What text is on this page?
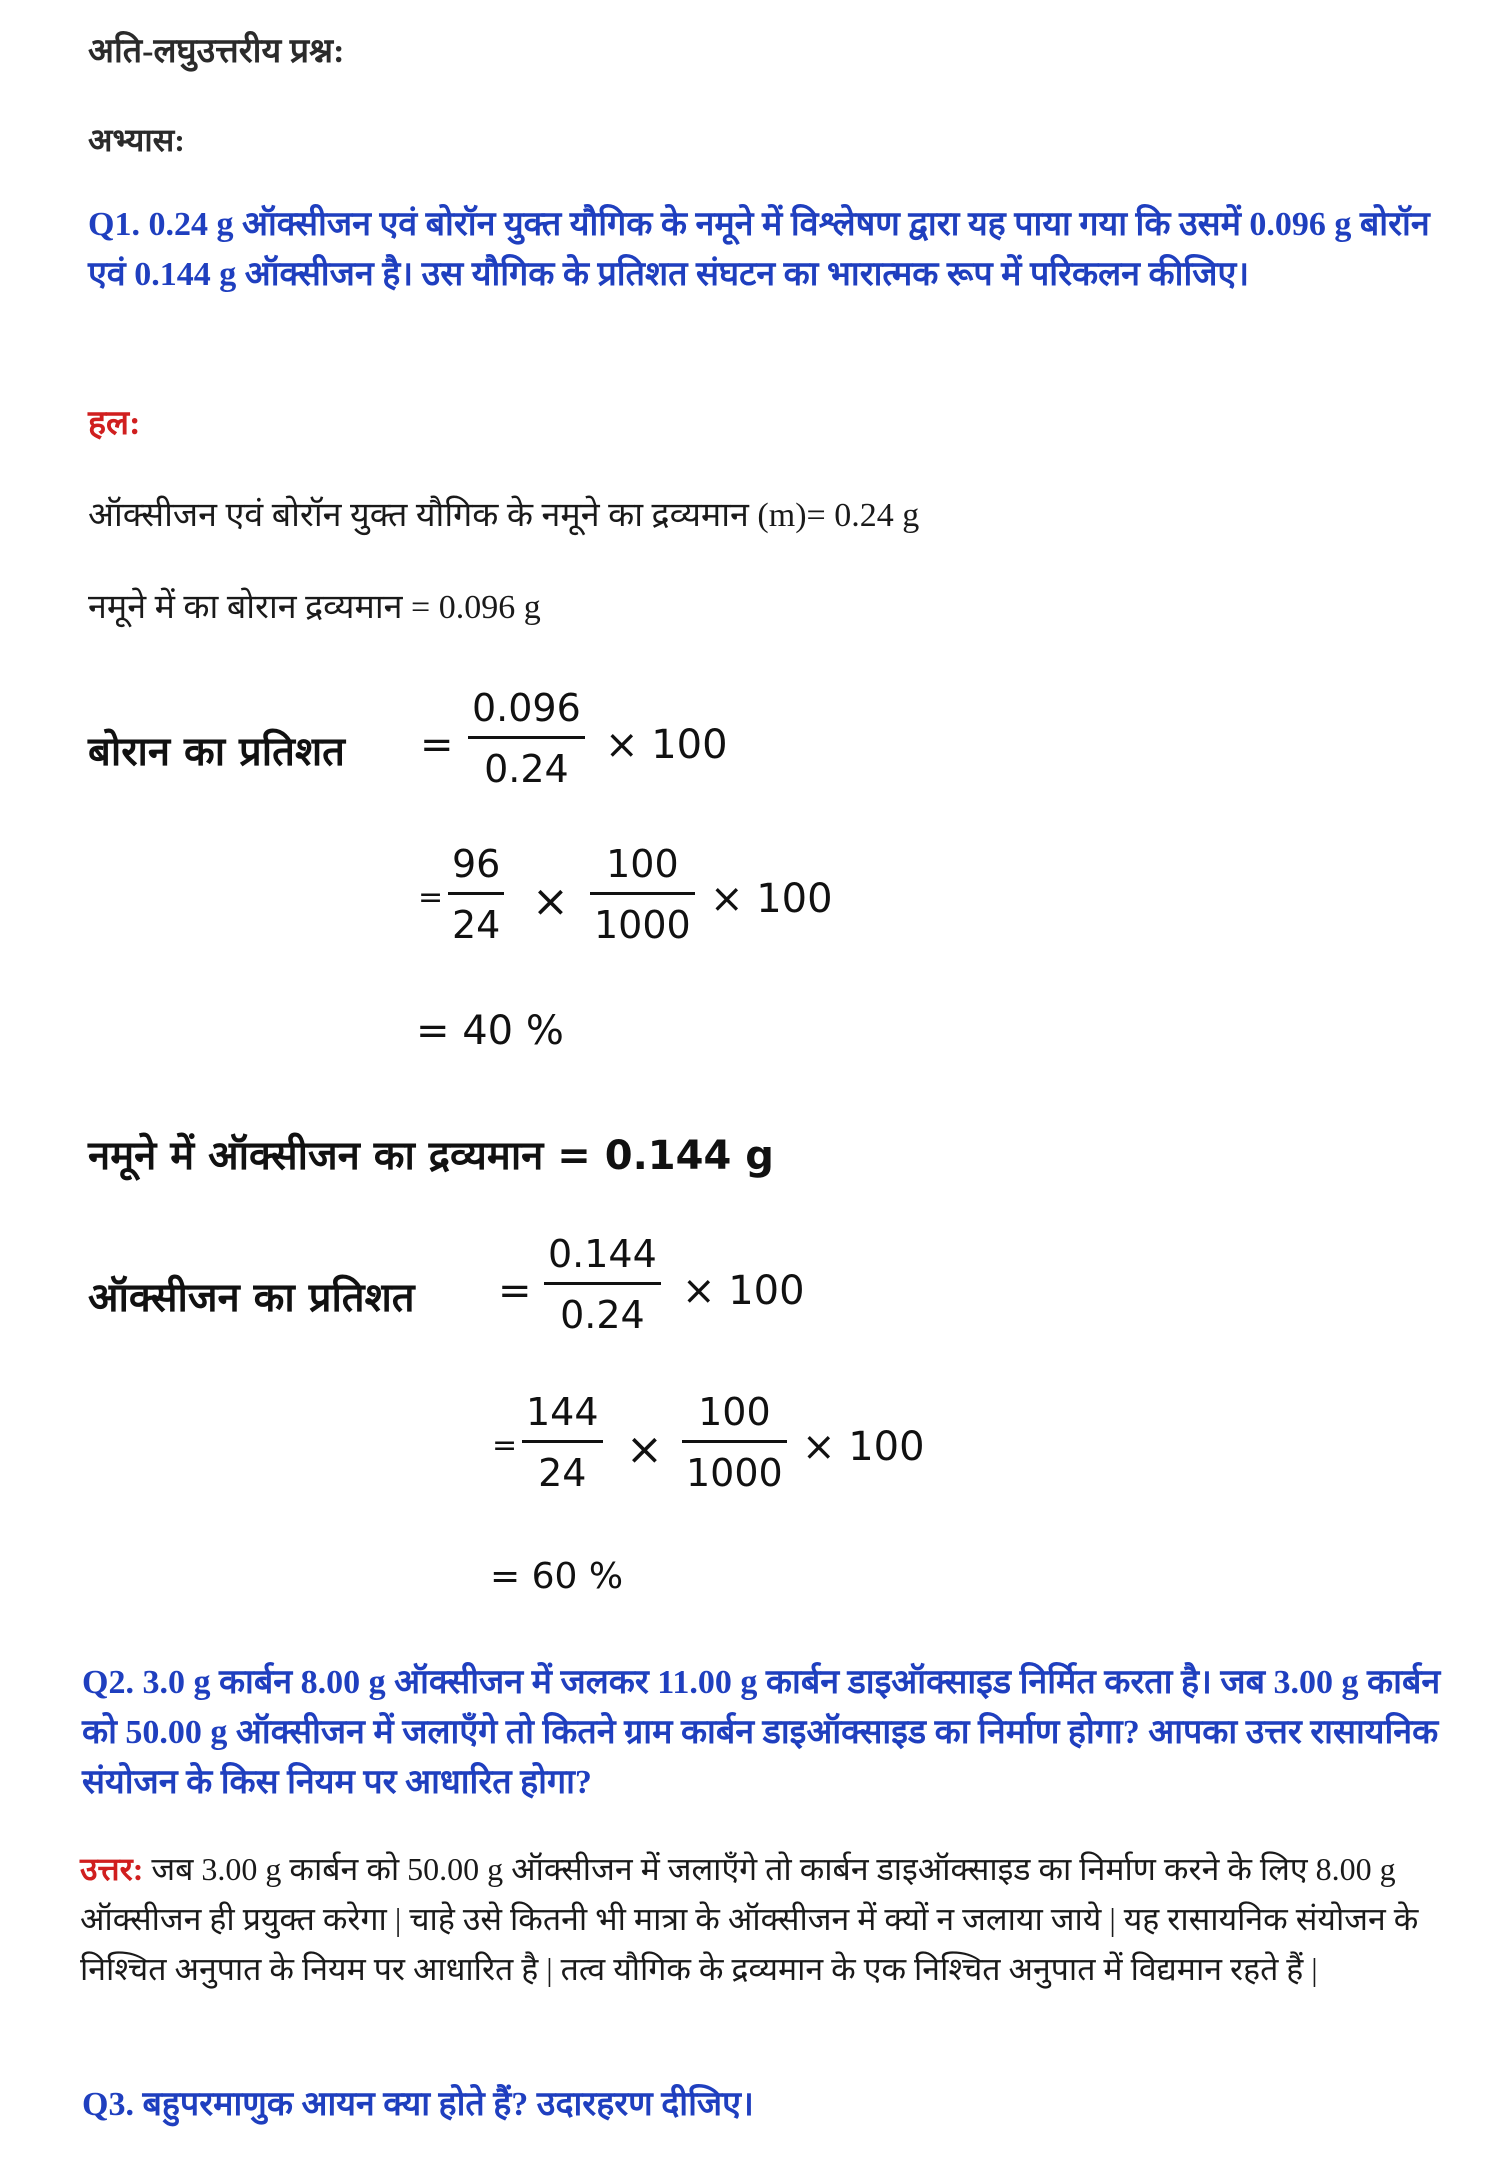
अति-लघुउत्तरीय प्रश्न:
अभ्यास:
Q1. 0.24 g ऑक्सीजन एवं बोरॉन युक्त यौगिक के नमूने में विश्लेषण द्वारा यह पाया गया कि उसमें 0.096 g बोरॉन एवं 0.144 g ऑक्सीजन है। उस यौगिक के प्रतिशत संघटन का भारात्मक रूप में परिकलन कीजिए।
हल:
ऑक्सीजन एवं बोरॉन युक्त यौगिक के नमूने का द्रव्यमान (m)= 0.24 g
नमूने में का बोरान द्रव्यमान = 0.096 g
बोरान का प्रतिशत = $\frac{0.096}{0.24} \times 100$
= $\frac{96}{24} \times \frac{100}{1000} \times 100$
= 40 %
नमूने में ऑक्सीजन का द्रव्यमान = 0.144 g
ऑक्सीजन का प्रतिशत = $\frac{0.144}{0.24} \times 100$
= $\frac{144}{24} \times \frac{100}{1000} \times 100$
= 60 %
Q2. 3.0 g कार्बन 8.00 g ऑक्सीजन में जलकर 11.00 g कार्बन डाइऑक्साइड निर्मित करता है। जब 3.00 g कार्बन को 50.00 g ऑक्सीजन में जलाएँगे तो कितने ग्राम कार्बन डाइऑक्साइड का निर्माण होगा? आपका उत्तर रासायनिक संयोजन के किस नियम पर आधारित होगा?
उत्तर: जब 3.00 g कार्बन को 50.00 g ऑक्सीजन में जलाएँगे तो कार्बन डाइऑक्साइड का निर्माण करने के लिए 8.00 g ऑक्सीजन ही प्रयुक्त करेगा | चाहे उसे कितनी भी मात्रा के ऑक्सीजन में क्यों न जलाया जाये | यह रासायनिक संयोजन के निश्चित अनुपात के नियम पर आधारित है | तत्व यौगिक के द्रव्यमान के एक निश्चित अनुपात में विद्यमान रहते हैं |
Q3. बहुपरमाणुक आयन क्या होते हैं? उदारहरण दीजिए।
